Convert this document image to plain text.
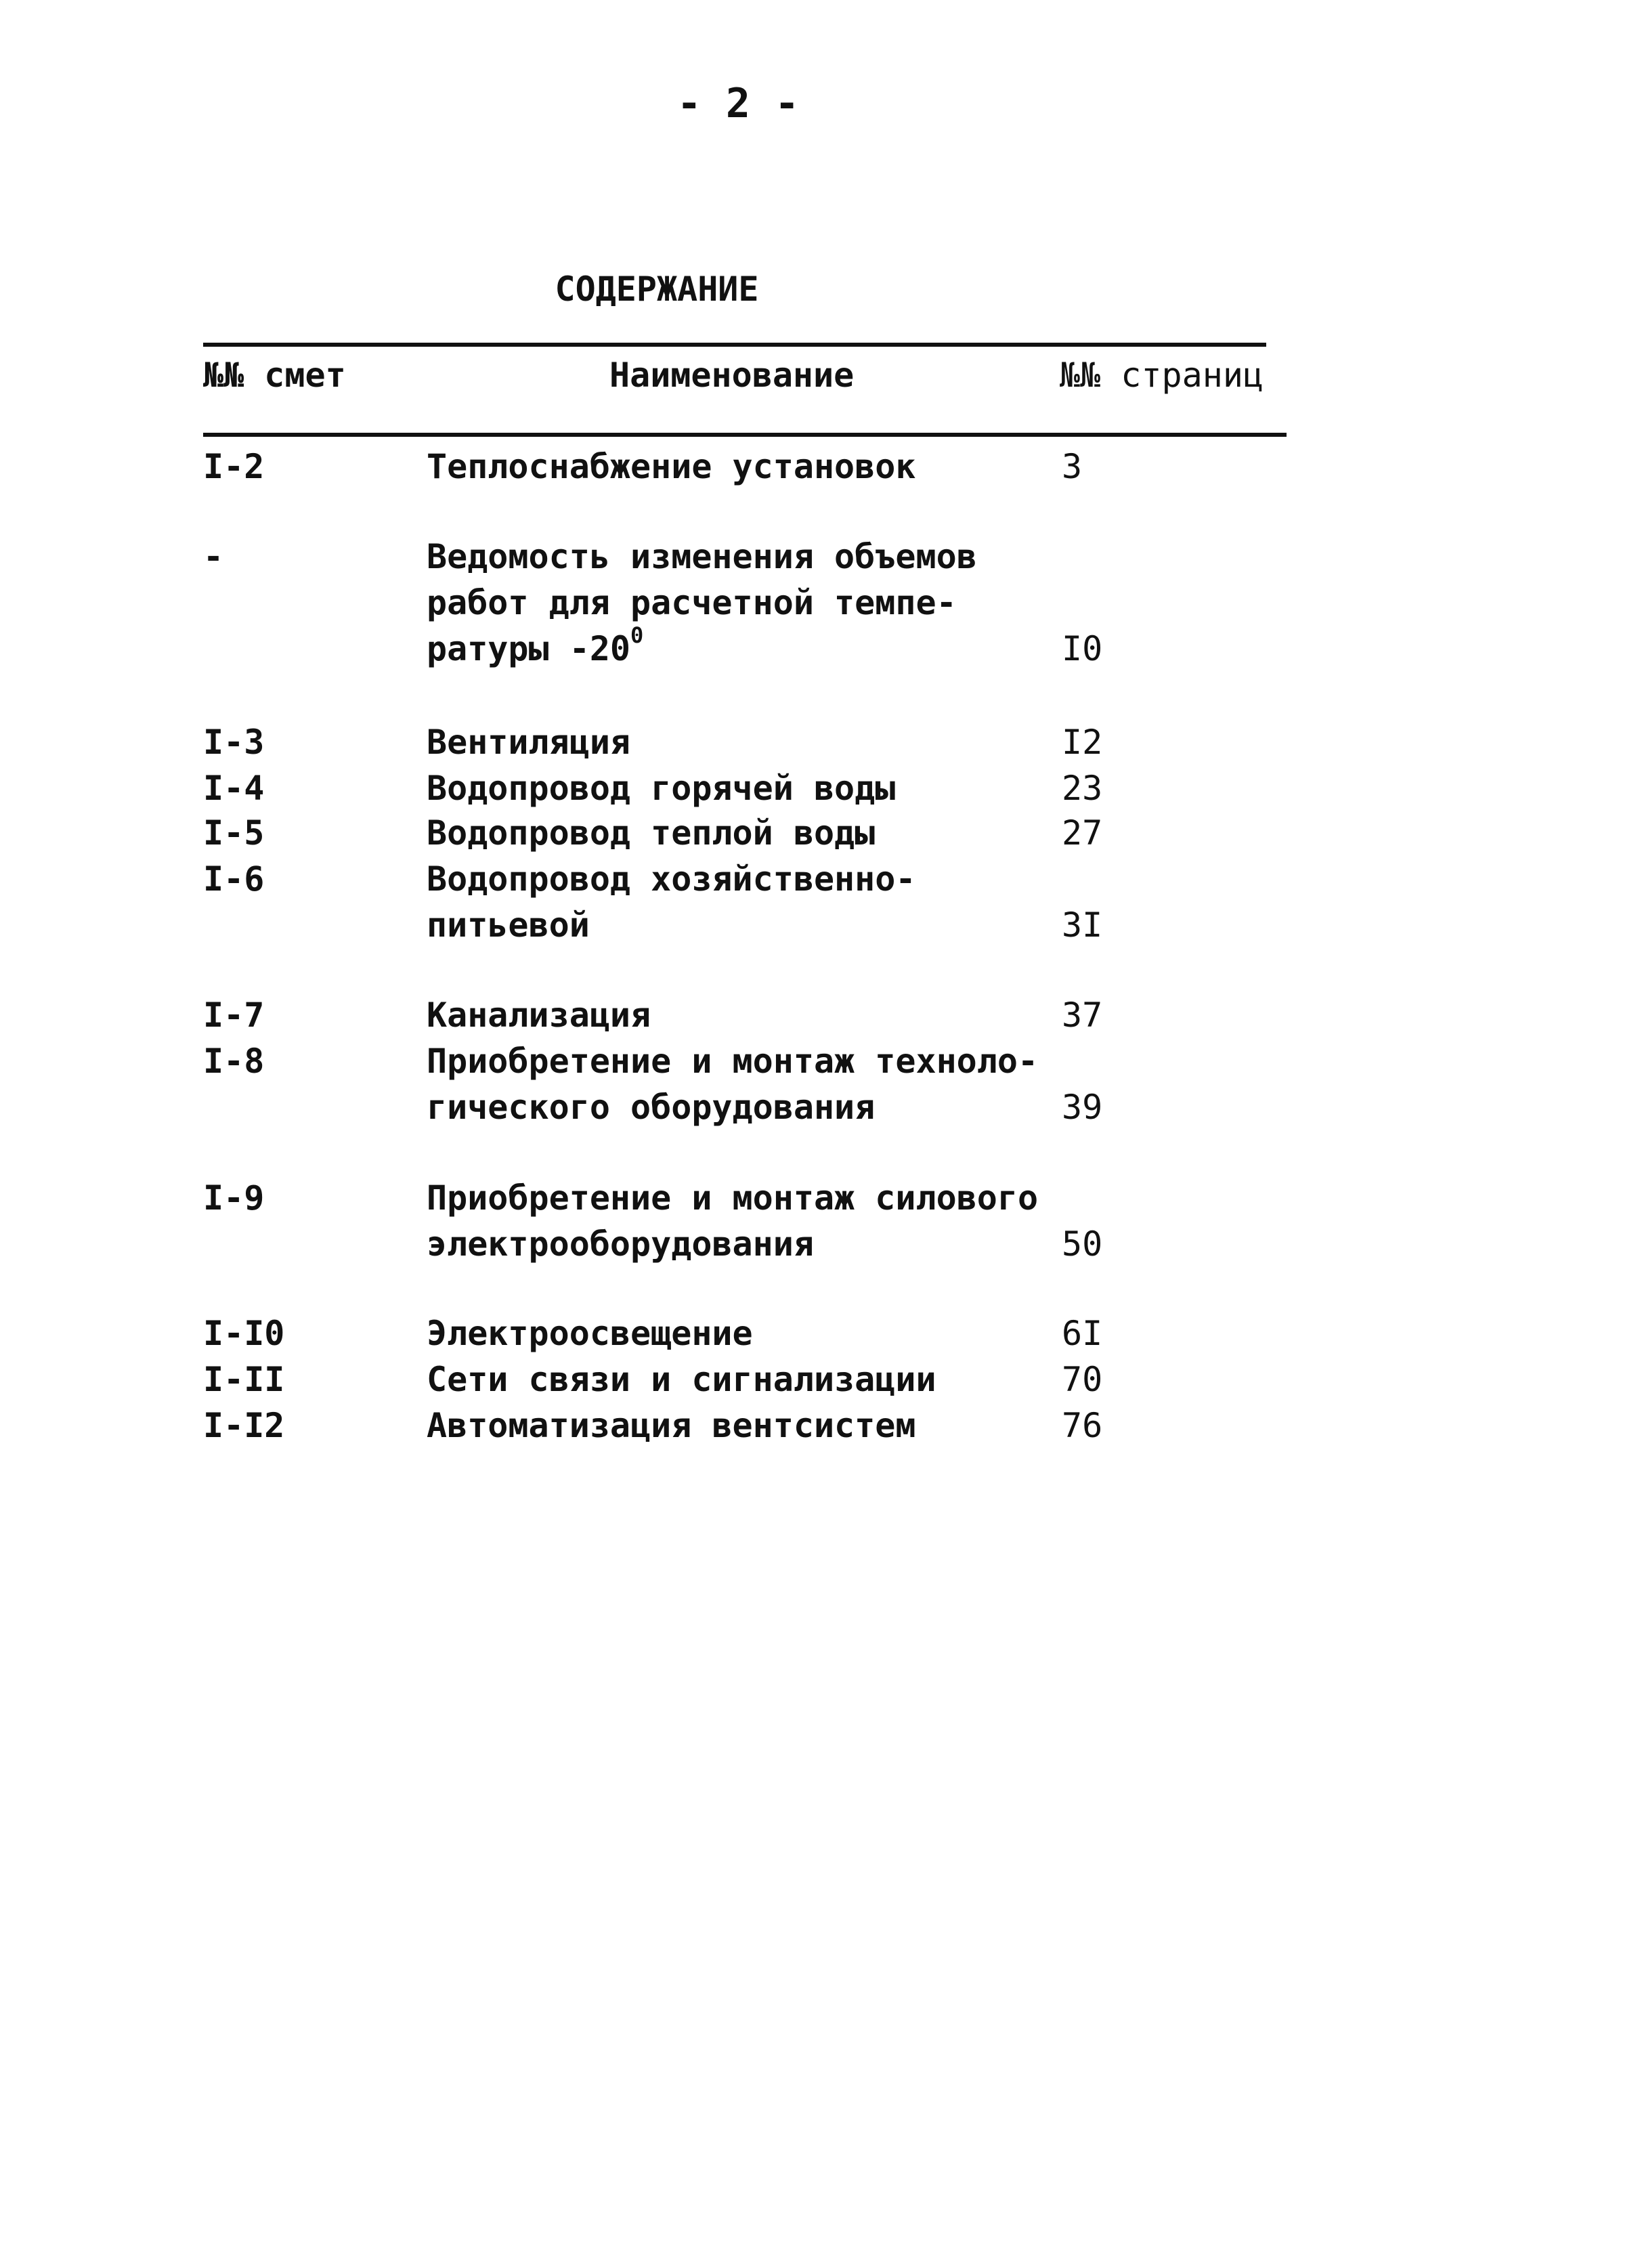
- 2 -
СОДЕРЖАНИЕ
№№ смет	Наименование	№№ страниц
I-2	Теплоснабжение установок	3
-	Ведомость изменения объемов
работ для расчетной темпе-
ратуры $-20^0$	I0
I-3	Вентиляция	I2
I-4	Водопровод горячей воды	23
I-5	Водопровод теплой воды	27
I-6	Водопровод хозяйственно-
питьевой	3I
I-7	Канализация	37
I-8	Приобретение и монтаж техноло-
гического оборудования	39
I-9	Приобретение и монтаж силового
электрооборудования	50
I-I0	Электроосвещение	6I
I-II	Сети связи и сигнализации	70
I-I2	Автоматизация вентсистем	76
